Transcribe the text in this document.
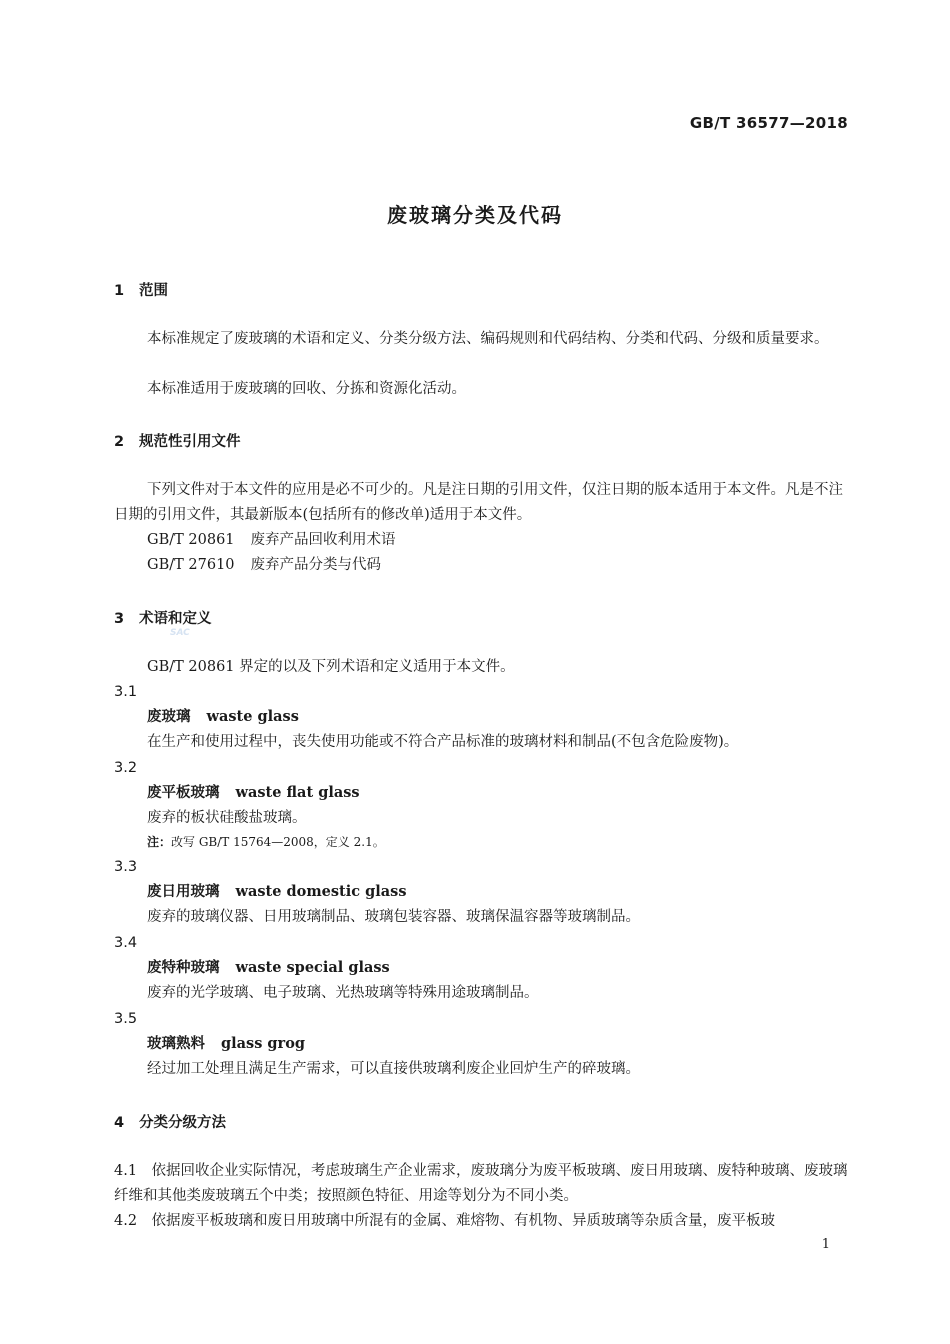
GB/T 36577—2018
废玻璃分类及代码
1 范围
本标准规定了废玻璃的术语和定义、分类分级方法、编码规则和代码结构、分类和代码、分级和质量要求。
本标准适用于废玻璃的回收、分拣和资源化活动。
2 规范性引用文件
下列文件对于本文件的应用是必不可少的。凡是注日期的引用文件，仅注日期的版本适用于本文件。凡是不注日期的引用文件，其最新版本(包括所有的修改单)适用于本文件。
GB/T 20861 废弃产品回收利用术语
GB/T 27610 废弃产品分类与代码
3 术语和定义
SAC
GB/T 20861 界定的以及下列术语和定义适用于本文件。
3.1
废玻璃 waste glass
在生产和使用过程中，丧失使用功能或不符合产品标准的玻璃材料和制品(不包含危险废物)。
3.2
废平板玻璃 waste flat glass
废弃的板状硅酸盐玻璃。
注：改写 GB/T 15764—2008，定义 2.1。
3.3
废日用玻璃 waste domestic glass
废弃的玻璃仪器、日用玻璃制品、玻璃包装容器、玻璃保温容器等玻璃制品。
3.4
废特种玻璃 waste special glass
废弃的光学玻璃、电子玻璃、光热玻璃等特殊用途玻璃制品。
3.5
玻璃熟料 glass grog
经过加工处理且满足生产需求，可以直接供玻璃利废企业回炉生产的碎玻璃。
4 分类分级方法
4.1　依据回收企业实际情况，考虑玻璃生产企业需求，废玻璃分为废平板玻璃、废日用玻璃、废特种玻璃、废玻璃纤维和其他类废玻璃五个中类；按照颜色特征、用途等划分为不同小类。
4.2　依据废平板玻璃和废日用玻璃中所混有的金属、难熔物、有机物、异质玻璃等杂质含量，废平板玻
1
